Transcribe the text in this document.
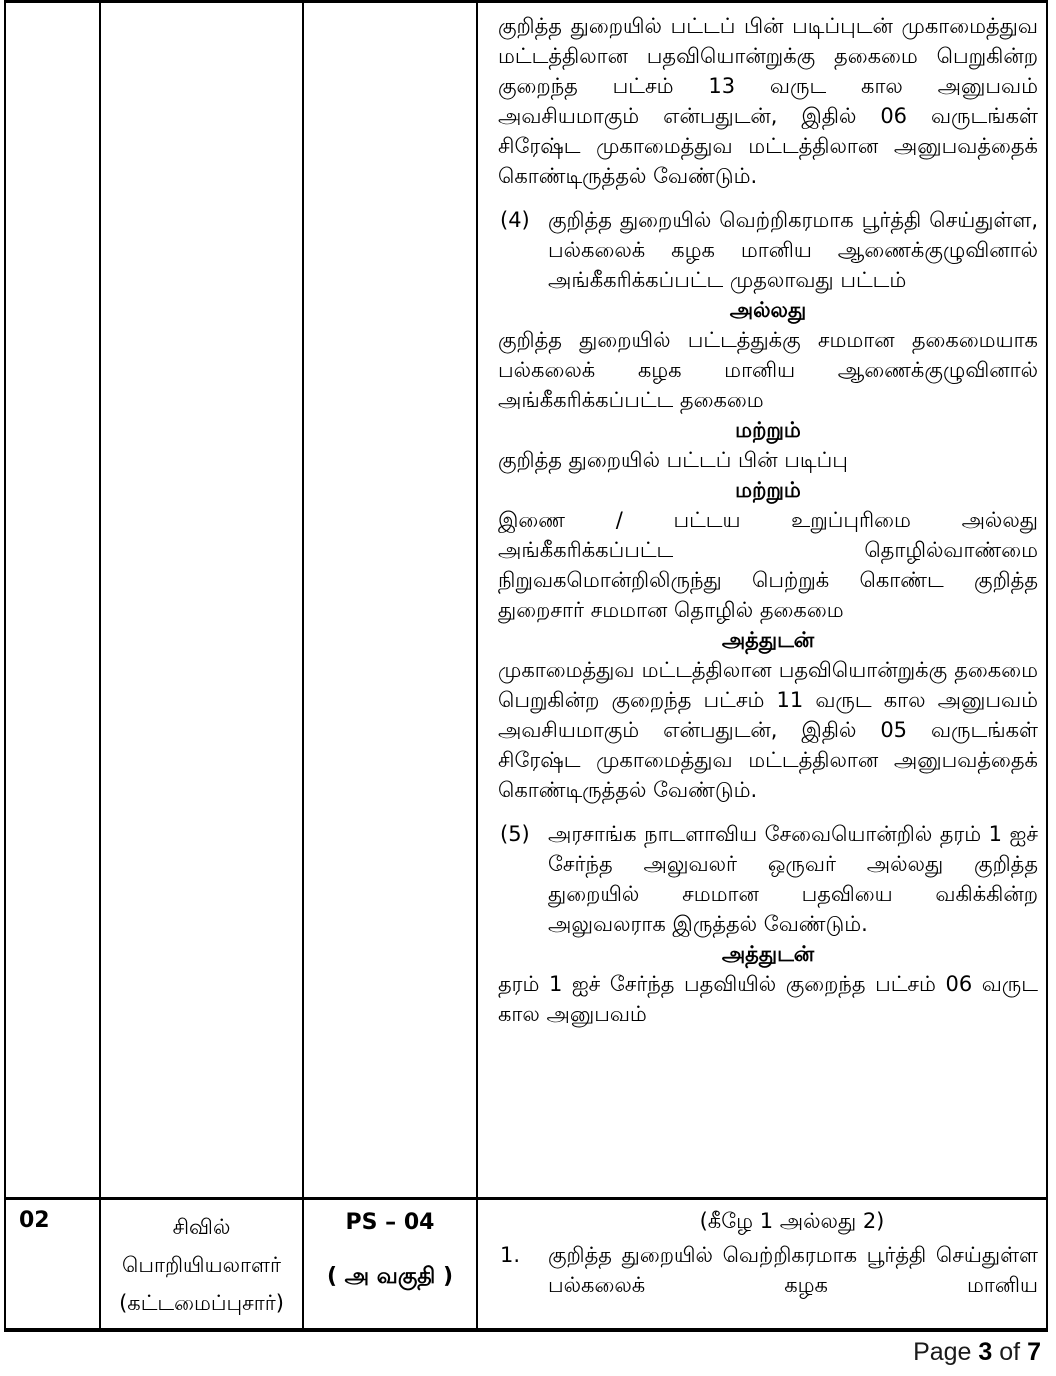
குறித்த துறையில் பட்டப் பின் படிப்புடன் முகாமைத்துவ மட்டத்திலான பதவியொன்றுக்கு தகைமை பெறுகின்ற குறைந்த பட்சம் 13 வருட கால அனுபவம் அவசியமாகும் என்பதுடன், இதில் 06 வருடங்கள் சிரேஷ்ட முகாமைத்துவ மட்டத்திலான அனுபவத்தைக் கொண்டிருத்தல் வேண்டும்.

(4) குறித்த துறையில் வெற்றிகரமாக பூர்த்தி செய்துள்ள, பல்கலைக் கழக மானிய ஆணைக்குழுவினால் அங்கீகரிக்கப்பட்ட முதலாவது பட்டம்

அல்லது

குறித்த துறையில் பட்டத்துக்கு சமமான தகைமையாக பல்கலைக் கழக மானிய ஆணைக்குழுவினால் அங்கீகரிக்கப்பட்ட தகைமை

மற்றும்

குறித்த துறையில் பட்டப் பின் படிப்பு

மற்றும்

இணை / பட்டய உறுப்புரிமை அல்லது அங்கீகரிக்கப்பட்ட தொழில்வாண்மை நிறுவகமொன்றிலிருந்து பெற்றுக் கொண்ட குறித்த துறைசார் சமமான தொழில் தகைமை

அத்துடன்

முகாமைத்துவ மட்டத்திலான பதவியொன்றுக்கு தகைமை பெறுகின்ற குறைந்த பட்சம் 11 வருட கால அனுபவம் அவசியமாகும் என்பதுடன், இதில் 05 வருடங்கள் சிரேஷ்ட முகாமைத்துவ மட்டத்திலான அனுபவத்தைக் கொண்டிருத்தல் வேண்டும்.

(5) அரசாங்க நாடளாவிய சேவையொன்றில் தரம் 1 ஐச் சேர்ந்த அலுவலர் ஒருவர் அல்லது குறித்த துறையில் சமமான பதவியை வகிக்கின்ற அலுவலராக இருத்தல் வேண்டும்.

அத்துடன்

தரம் 1 ஐச் சேர்ந்த பதவியில் குறைந்த பட்சம் 06 வருட கால அனுபவம்

02	சிவில்
பொறியியலாளர்
(கட்டமைப்புசார்)
PS – 04
( அ வகுதி )

(கீழே 1 அல்லது 2)

1.	குறித்த துறையில் வெற்றிகரமாக பூர்த்தி செய்துள்ள பல்கலைக் கழக மானிய
Page 3 of 7
